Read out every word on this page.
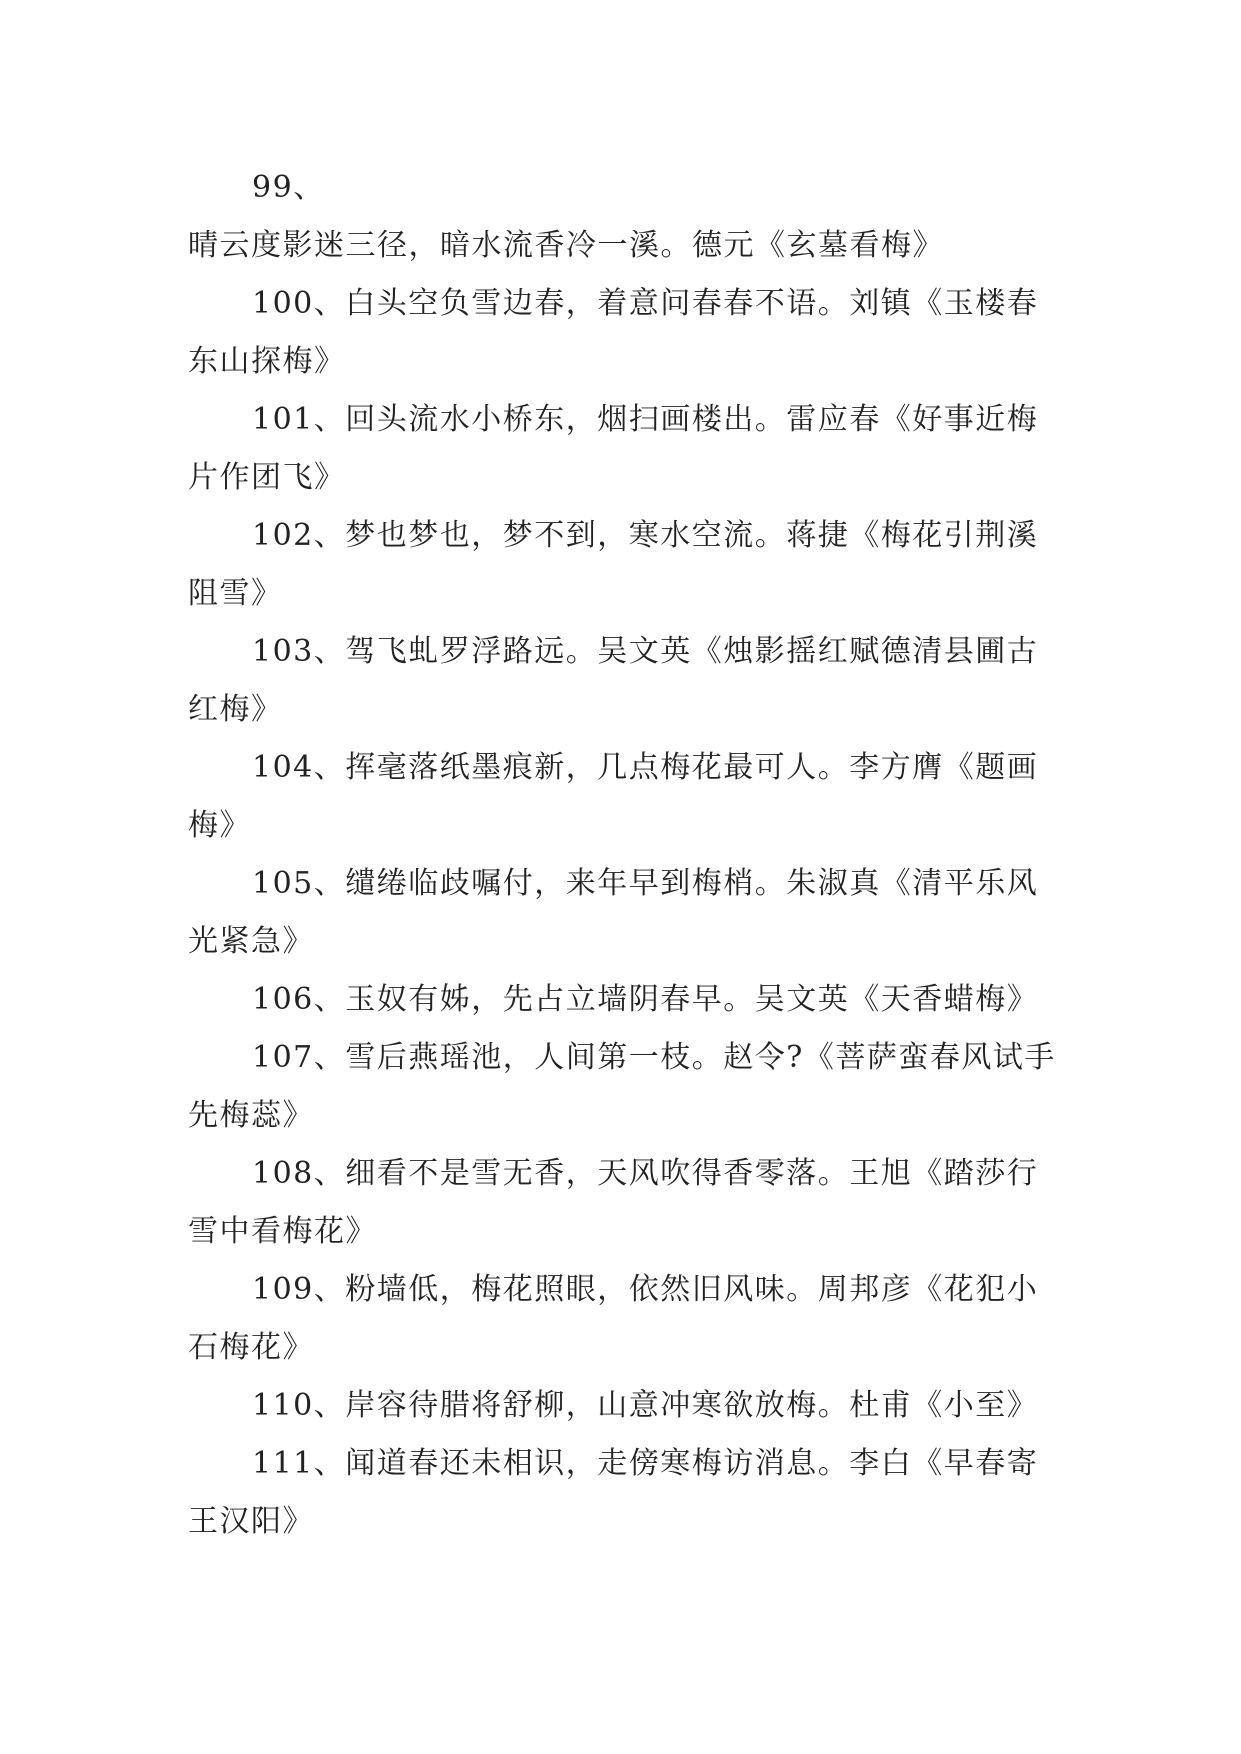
99、晴云度影迷三径，暗水流香冷一溪。德元《玄墓看梅》

100、白头空负雪边春，着意问春春不语。刘镇《玉楼春东山探梅》

101、回头流水小桥东，烟扫画楼出。雷应春《好事近梅片作团飞》

102、梦也梦也，梦不到，寒水空流。蒋捷《梅花引荆溪阻雪》

103、驾飞虬罗浮路远。吴文英《烛影摇红赋德清县圃古红梅》

104、挥毫落纸墨痕新，几点梅花最可人。李方膺《题画梅》

105、缱绻临歧嘱付，来年早到梅梢。朱淑真《清平乐风光紧急》

106、玉奴有姊，先占立墙阴春早。吴文英《天香蜡梅》

107、雪后燕瑶池，人间第一枝。赵令?《菩萨蛮春风试手先梅蕊》

108、细看不是雪无香，天风吹得香零落。王旭《踏莎行雪中看梅花》

109、粉墙低，梅花照眼，依然旧风味。周邦彦《花犯小石梅花》

110、岸容待腊将舒柳，山意冲寒欲放梅。杜甫《小至》

111、闻道春还未相识，走傍寒梅访消息。李白《早春寄王汉阳》
